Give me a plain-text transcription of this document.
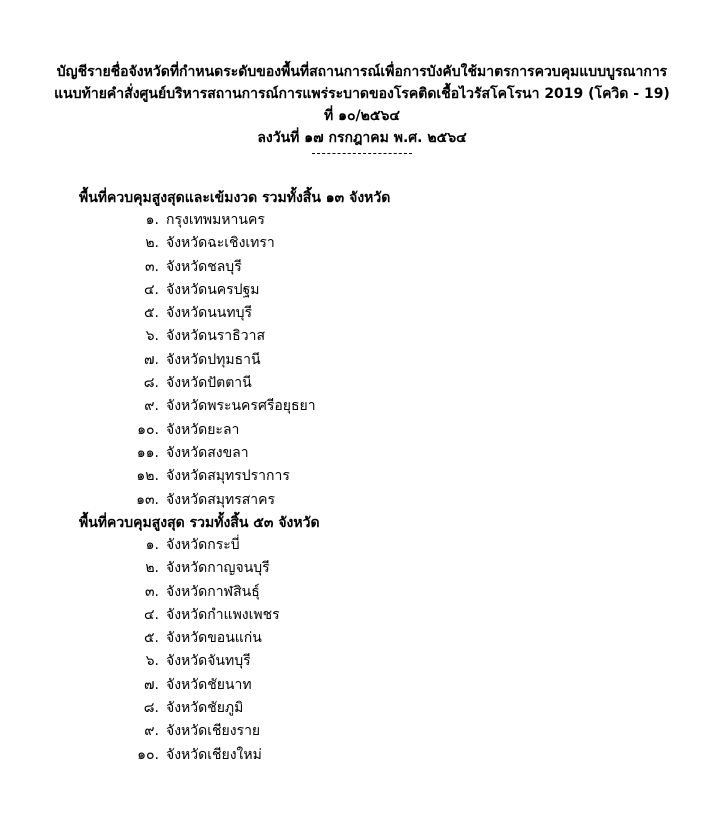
บัญชีรายชื่อจังหวัดที่กำหนดระดับของพื้นที่สถานการณ์เพื่อการบังคับใช้มาตรการควบคุมแบบบูรณาการ
แนบท้ายคำสั่งศูนย์บริหารสถานการณ์การแพร่ระบาดของโรคติดเชื้อไวรัสโคโรนา 2019 (โควิด - 19)
ที่ ๑๐/๒๕๖๔
ลงวันที่ ๑๗ กรกฎาคม พ.ศ. ๒๕๖๔
พื้นที่ควบคุมสูงสุดและเข้มงวด รวมทั้งสิ้น ๑๓ จังหวัด
๑. กรุงเทพมหานคร
๒. จังหวัดฉะเชิงเทรา
๓. จังหวัดชลบุรี
๔. จังหวัดนครปฐม
๕. จังหวัดนนทบุรี
๖. จังหวัดนราธิวาส
๗. จังหวัดปทุมธานี
๘. จังหวัดปัตตานี
๙. จังหวัดพระนครศรีอยุธยา
๑๐. จังหวัดยะลา
๑๑. จังหวัดสงขลา
๑๒. จังหวัดสมุทรปราการ
๑๓. จังหวัดสมุทรสาคร
พื้นที่ควบคุมสูงสุด รวมทั้งสิ้น ๕๓ จังหวัด
๑. จังหวัดกระบี่
๒. จังหวัดกาญจนบุรี
๓. จังหวัดกาฬสินธุ์
๔. จังหวัดกำแพงเพชร
๕. จังหวัดขอนแก่น
๖. จังหวัดจันทบุรี
๗. จังหวัดชัยนาท
๘. จังหวัดชัยภูมิ
๙. จังหวัดเชียงราย
๑๐. จังหวัดเชียงใหม่
